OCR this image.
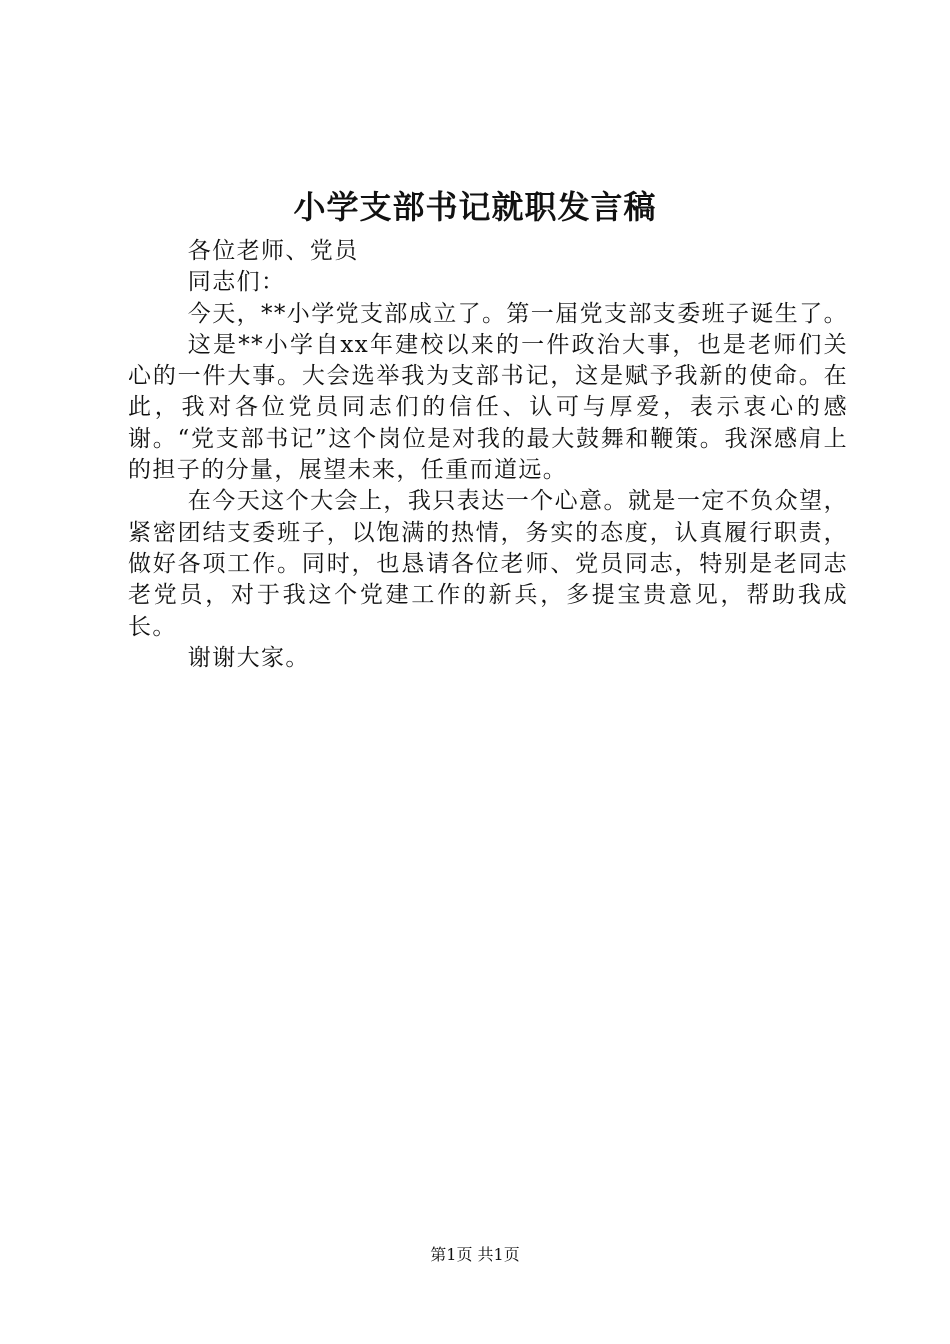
小学支部书记就职发言稿

各位老师、党员

同志们：

今天，**小学党支部成立了。第一届党支部支委班子诞生了。

这是**小学自xx年建校以来的一件政治大事，也是老师们关心的一件大事。大会选举我为支部书记，这是赋予我新的使命。在此，我对各位党员同志们的信任、认可与厚爱，表示衷心的感谢。“党支部书记”这个岗位是对我的最大鼓舞和鞭策。我深感肩上的担子的分量，展望未来，任重而道远。

在今天这个大会上，我只表达一个心意。就是一定不负众望，紧密团结支委班子，以饱满的热情，务实的态度，认真履行职责，做好各项工作。同时，也恳请各位老师、党员同志，特别是老同志老党员，对于我这个党建工作的新兵，多提宝贵意见，帮助我成长。

谢谢大家。

第1页 共1页
